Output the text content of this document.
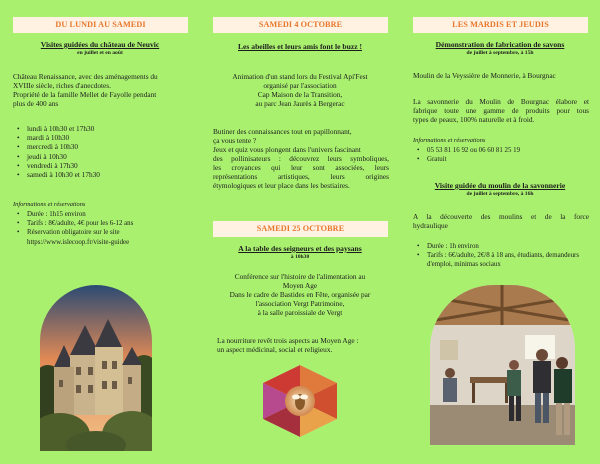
DU LUNDI AU SAMEDI
Visites guidées du château de Neuvic
en juillet et en août
Château Renaissance, avec des aménagements du
XVIIIe siècle, riches d'anecdotes.
Propriété de la famille Mellet de Fayolle pendant
plus de 400 ans
• lundi à 10h30 et 17h30
• mardi à 10h30
• mercredi à 10h30
• jeudi à 10h30
• vendredi à 17h30
• samedi à 10h30 et 17h30
Informations et réservations
• Durée : 1h15 environ
• Tarifs : 8€/adulte, 4€ pour les 6-12 ans
• Réservation obligatoire sur le site
https://www.islecoop.fr/visite-guidee
SAMEDI 4 OCTOBRE
Les abeilles et leurs amis font le buzz !
Animation d'un stand lors du Festival Api'Fest
organisé par l'association
Cap Maison de la Transition,
au parc Jean Jaurès à Bergerac
Butiner des connaissances tout en papillonnant,
ça vous tente ?
Jeux et quiz vous plongent dans l'univers fascinant
des pollinisateurs : découvrez leurs symboliques,
les croyances qui leur sont associées, leurs
représentations artistiques, leurs origines
étymologiques et leur place dans les bestiaires.
SAMEDI 25 OCTOBRE
A la table des seigneurs et des paysans
à 10h30
Conférence sur l'histoire de l'alimentation au
Moyen Age
Dans le cadre de Bastides en Fête, organisée par
l'association Vergt Patrimoine,
à la salle paroissiale de Vergt
La nourriture revêt trois aspects au Moyen Age :
un aspect médicinal, social et religieux.
LES MARDIS ET JEUDIS
Démonstration de fabrication de savons
de juillet à septembre, à 15h
Moulin de la Veyssière de Monnerie, à Bourgnac
La savonnerie du Moulin de Bourgnac élabore et
fabrique toute une gamme de produits pour tous
types de peaux, 100% naturelle et à froid.
Informations et réservations
• 05 53 81 16 92 ou 06 60 81 25 19
• Gratuit
Visite guidée du moulin de la savonnerie
de juillet à septembre, à 16h
A la découverte des moulins et de la force
hydraulique
• Durée : 1h environ
• Tarifs : 6€/adulte, 2€/8 à 18 ans, étudiants, demandeurs d'emploi, minimas sociaux
